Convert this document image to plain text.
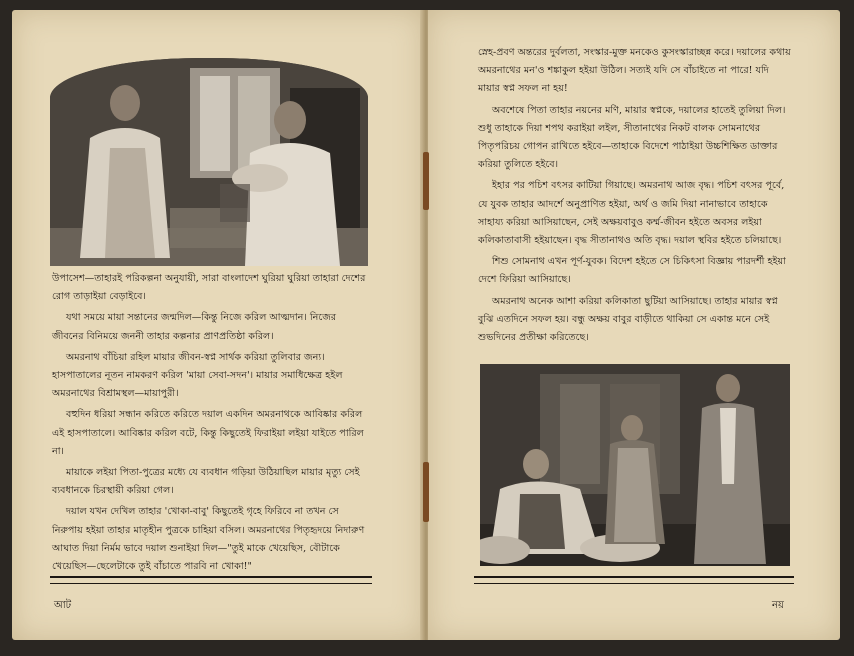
উপাসেশ—তাহারই পরিকল্পনা অনুযায়ী, সারা বাংলাদেশ ঘুরিয়া ঘুরিয়া তাহারা দেশের রোগ তাড়াইয়া বেড়াইবে।

যথা সময়ে মায়া সন্তানের জন্মদিল—কিন্তু নিজে করিল আত্মদান। নিজের জীবনের বিনিময়ে জননী তাহার কল্পনার প্রাণপ্রতিষ্ঠা করিল।

অমরনাথ বাঁচিয়া রহিল মায়ার জীবন-স্বপ্ন সার্থক করিয়া তুলিবার জন্য। হাসপাতালের নূতন নামকরণ করিল 'মায়া সেবা-সদন'। মায়ার সমাধিক্ষেত্র হইল অমরনাথের বিশ্রামস্থল—মায়াপুরী।

বহুদিন ধরিয়া সন্ধান করিতে করিতে দয়াল একদিন অমরনাথকে আবিষ্কার করিল এই হাসপাতালে। আবিষ্কার করিল বটে, কিন্তু কিছুতেই ফিরাইয়া লইয়া যাইতে পারিল না।

মায়াকে লইয়া পিতা-পুত্রের মধ্যে যে ব্যবধান গড়িয়া উঠিয়াছিল মায়ার মৃত্যু সেই ব্যবধানকে চিরস্থায়ী করিয়া গেল।

দয়াল যখন দেখিল তাহার 'খোকা-বাবু' কিছুতেই গৃহে ফিরিবে না তখন সে নিরুপায় হইয়া তাহার মাতৃহীন পুত্রকে চাহিয়া বসিল। অমরনাথের পিতৃহৃদয়ে নিদারুণ আঘাত দিয়া নির্মম ভাবে দয়াল শুনাইয়া দিল—"তুই মাকে খেয়েছিস, বৌটাকে খেয়েছিস—ছেলেটাকে তুই বাঁচাতে পারবি না খোকা!"

আট

স্নেহ-প্রবণ অন্তরের দুর্বলতা, সংস্কার-মুক্ত মনকেও কুসংস্কারাচ্ছন্ন করে। দয়ালের কথায় অমরনাথের মন'ও শঙ্কাকুল হইয়া উঠিল। সত্যই যদি সে বাঁচাইতে না পারে! যদি মায়ার স্বপ্ন সফল না হয়!

অবশেষে পিতা তাহার নয়নের মণি, মায়ার স্বপ্নকে, দয়ালের হাতেই তুলিয়া দিল। শুধু তাহাকে দিয়া শপথ করাইয়া লইল, সীতানাথের নিকট বালক সোমনাথের পিতৃপরিচয় গোপন রাখিতে হইবে—তাহাকে বিদেশে পাঠাইয়া উচ্চশিক্ষিত ডাক্তার করিয়া তুলিতে হইবে।

ইহার পর পচিশ বৎসর কাটিয়া গিয়াছে। অমরনাথ আজ বৃদ্ধ। পচিশ বৎসর পূর্বে, যে যুবক তাহার আদর্শে অনুপ্রাণিত হইয়া, অর্থ ও জমি দিয়া নানাভাবে তাহাকে সাহায্য করিয়া আসিয়াছেন, সেই অক্ষয়বাবুও কর্ম্ম-জীবন হইতে অবসর লইয়া কলিকাতাবাসী হইয়াছেন। বৃদ্ধ সীতানাথও অতি বৃদ্ধ। দয়াল স্থবির হইতে চলিয়াছে।

শিশু সোমনাথ এখন পূর্ণ-যুবক। বিদেশ হইতে সে চিকিৎসা বিজ্ঞায় পারদর্শী হইয়া দেশে ফিরিয়া আসিয়াছে।

অমরনাথ অনেক আশা করিয়া কলিকাতা ছুটিয়া আসিয়াছে। তাহার মায়ার স্বপ্ন বুঝি এতদিনে সফল হয়। বন্ধু অক্ষয় বাবুর বাড়ীতে থাকিয়া সে একান্ত মনে সেই শুভদিনের প্রতীক্ষা করিতেছে।

নয়
